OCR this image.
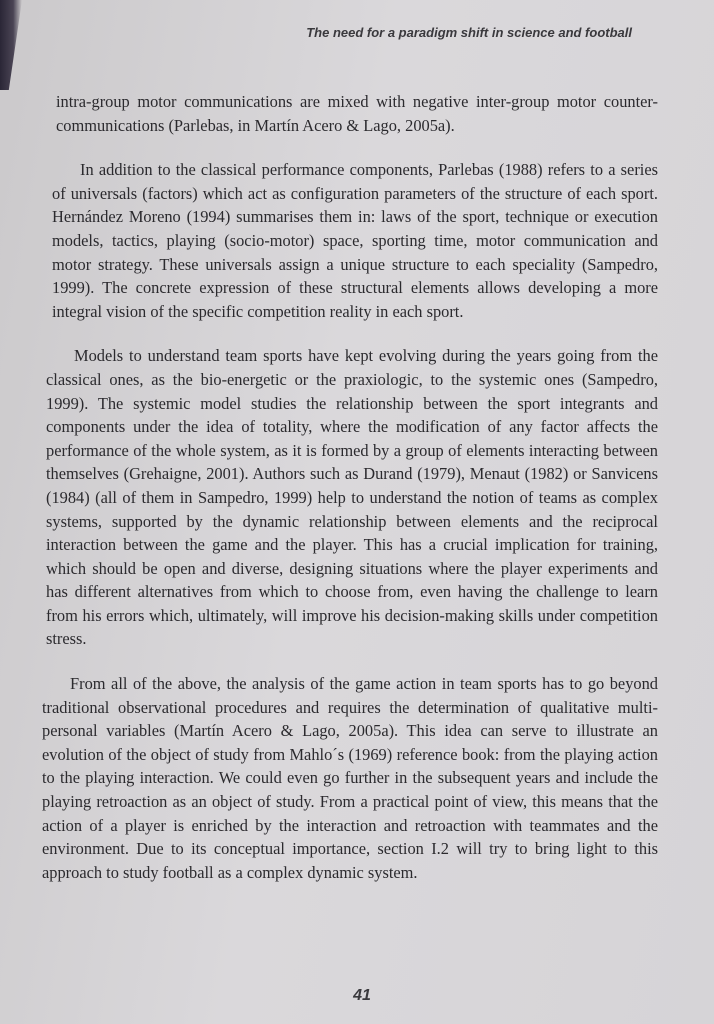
The need for a paradigm shift in science and football

intra-group motor communications are mixed with negative inter-group motor counter-communications (Parlebas, in Martín Acero & Lago, 2005a).

In addition to the classical performance components, Parlebas (1988) refers to a series of universals (factors) which act as configuration parameters of the structure of each sport. Hernández Moreno (1994) summarises them in: laws of the sport, technique or execution models, tactics, playing (socio-motor) space, sporting time, motor communication and motor strategy. These universals assign a unique structure to each speciality (Sampedro, 1999). The concrete expression of these structural elements allows developing a more integral vision of the specific competition reality in each sport.

Models to understand team sports have kept evolving during the years going from the classical ones, as the bio-energetic or the praxiologic, to the systemic ones (Sampedro, 1999). The systemic model studies the relationship between the sport integrants and components under the idea of totality, where the modification of any factor affects the performance of the whole system, as it is formed by a group of elements interacting between themselves (Grehaigne, 2001). Authors such as Durand (1979), Menaut (1982) or Sanvicens (1984) (all of them in Sampedro, 1999) help to understand the notion of teams as complex systems, supported by the dynamic relationship between elements and the reciprocal interaction between the game and the player. This has a crucial implication for training, which should be open and diverse, designing situations where the player experiments and has different alternatives from which to choose from, even having the challenge to learn from his errors which, ultimately, will improve his decision-making skills under competition stress.

From all of the above, the analysis of the game action in team sports has to go beyond traditional observational procedures and requires the determination of qualitative multi-personal variables (Martín Acero & Lago, 2005a). This idea can serve to illustrate an evolution of the object of study from Mahlo´s (1969) reference book: from the playing action to the playing interaction. We could even go further in the subsequent years and include the playing retroaction as an object of study. From a practical point of view, this means that the action of a player is enriched by the interaction and retroaction with teammates and the environment. Due to its conceptual importance, section I.2 will try to bring light to this approach to study football as a complex dynamic system.

41
